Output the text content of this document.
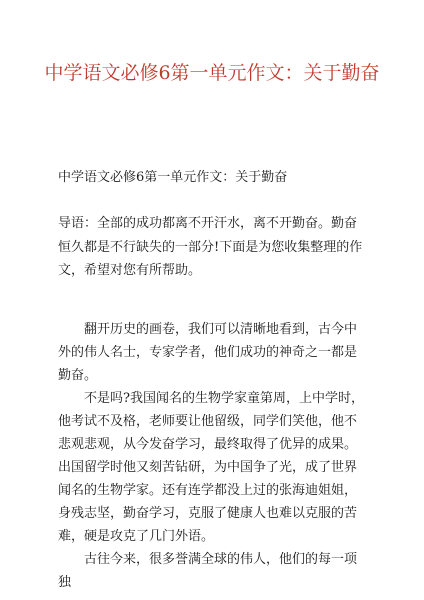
中学语文必修6第一单元作文：关于勤奋

中学语文必修6第一单元作文：关于勤奋

导语：全部的成功都离不开汗水，离不开勤奋。勤奋恒久都是不行缺失的一部分!下面是为您收集整理的作文，希望对您有所帮助。

翻开历史的画卷，我们可以清晰地看到，古今中外的伟人名士，专家学者，他们成功的神奇之一都是勤奋。

不是吗?我国闻名的生物学家童第周，上中学时，他考试不及格，老师要让他留级，同学们笑他，他不悲观悲观，从今发奋学习，最终取得了优异的成果。出国留学时他又刻苦钻研，为中国争了光，成了世界闻名的生物学家。还有连学都没上过的张海迪姐姐，身残志坚，勤奋学习，克服了健康人也难以克服的苦难，硬是攻克了几门外语。

古往今来，很多誉满全球的伟人，他们的每一项独
